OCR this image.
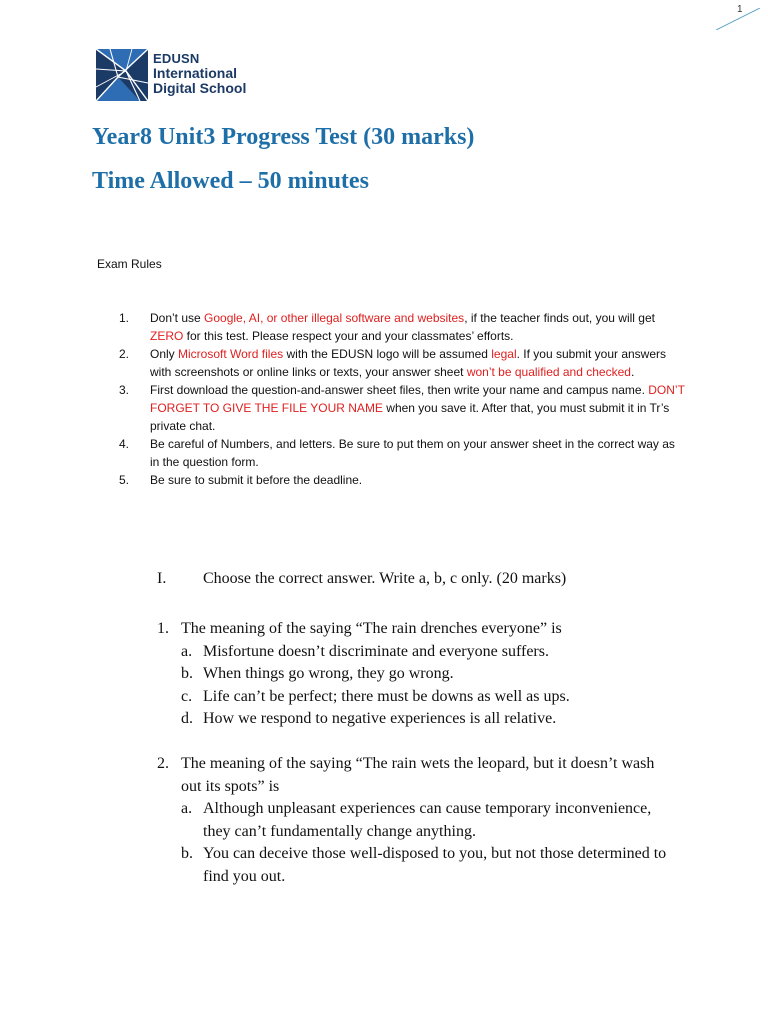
1
EDUSN
International
Digital School
Year8 Unit3 Progress Test (30 marks)
Time Allowed – 50 minutes
Exam Rules
1. Don’t use Google, AI, or other illegal software and websites, if the teacher finds out, you will get ZERO for this test. Please respect your and your classmates’ efforts.
2. Only Microsoft Word files with the EDUSN logo will be assumed legal. If you submit your answers with screenshots or online links or texts, your answer sheet won’t be qualified and checked.
3. First download the question-and-answer sheet files, then write your name and campus name. DON’T FORGET TO GIVE THE FILE YOUR NAME when you save it. After that, you must submit it in Tr’s private chat.
4. Be careful of Numbers, and letters. Be sure to put them on your answer sheet in the correct way as in the question form.
5. Be sure to submit it before the deadline.
I. Choose the correct answer. Write a, b, c only. (20 marks)
1. The meaning of the saying “The rain drenches everyone” is
a. Misfortune doesn’t discriminate and everyone suffers.
b. When things go wrong, they go wrong.
c. Life can’t be perfect; there must be downs as well as ups.
d. How we respond to negative experiences is all relative.
2. The meaning of the saying “The rain wets the leopard, but it doesn’t wash out its spots” is
a. Although unpleasant experiences can cause temporary inconvenience, they can’t fundamentally change anything.
b. You can deceive those well-disposed to you, but not those determined to find you out.
